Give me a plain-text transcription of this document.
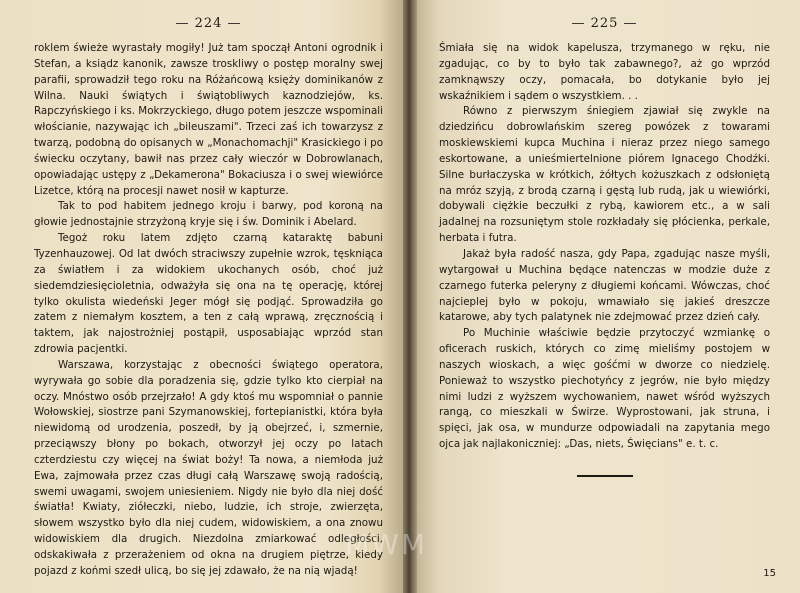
— 224 —

roklem świeże wyrastały mogiły! Już tam spoczął Antoni ogrodnik i Stefan, a ksiądz kanonik, zawsze troskliwy o postęp moralny swej parafii, sprowadził tego roku na Różańcową księży dominikanów z Wilna. Nauki świątych i świątobliwych kaznodziejów, ks. Rapczyńskiego i ks. Mokrzyckiego, długo potem jeszcze wspominali włościanie, nazywając ich „bileuszami". Trzeci zaś ich towarzysz z twarzą, podobną do opisanych w „Monachomachji" Krasickiego i po świecku oczytany, bawił nas przez cały wieczór w Dobrowlanach, opowiadając ustępy z „Dekamerona" Bokaciusza i o swej wiewiórce Lizetce, którą na procesji nawet nosił w kapturze.

Tak to pod habitem jednego kroju i barwy, pod koroną na głowie jednostajnie strzyżoną kryje się i św. Dominik i Abelard.

Tegoż roku latem zdjęto czarną kataraktę babuni Tyzenhauzowej. Od lat dwóch straciwszy zupełnie wzrok, tęskniąca za światłem i za widokiem ukochanych osób, choć już siedemdziesięcioletnia, odważyła się ona na tę operację, której tylko okulista wiedeński Jeger mógł się podjąć. Sprowadziła go zatem z niemałym kosztem, a ten z całą wprawą, zręcznością i taktem, jak najostrożniej postąpił, usposabiając wprzód stan zdrowia pacjentki.

Warszawa, korzystając z obecności świątego operatora, wyrywała go sobie dla poradzenia się, gdzie tylko kto cierpiał na oczy. Mnóstwo osób przejrzało! A gdy ktoś mu wspomniał o pannie Wołowskiej, siostrze pani Szymanowskiej, fortepianistki, która była niewidomą od urodzenia, poszedł, by ją obejrzeć, i, szmernie, przeciąwszy błony po bokach, otworzył jej oczy po latach czterdziestu czy więcej na świat boży! Ta nowa, a niemłoda już Ewa, zajmowała przez czas długi całą Warszawę swoją radością, swemi uwagami, swojem uniesieniem. Nigdy nie było dla niej dość światła! Kwiaty, ziółeczki, niebo, ludzie, ich stroje, zwierzęta, słowem wszystko było dla niej cudem, widowiskiem, a ona znowu widowiskiem dla drugich. Niezdolna zmiarkować odległości, odskakiwała z przerażeniem od okna na drugiem piętrze, kiedy pojazd z końmi szedł ulicą, bo się jej zdawało, że na nią wjadą!

— 225 —

Śmiała się na widok kapelusza, trzymanego w ręku, nie zgadując, co by to było tak zabawnego?, aż go wprzód zamknąwszy oczy, pomacała, bo dotykanie było jej wskaźnikiem i sądem o wszystkiem. . .

Równo z pierwszym śniegiem zjawiał się zwykle na dziedzińcu dobrowlańskim szereg powózek z towarami moskiewskiemi kupca Muchina i nieraz przez niego samego eskortowane, a unieśmiertelnione piórem Ignacego Chodźki. Silne burłaczyska w krótkich, żółtych kożuszkach z odsłoniętą na mróz szyją, z brodą czarną i gęstą lub rudą, jak u wiewiórki, dobywali ciężkie beczułki z rybą, kawiorem etc., a w sali jadalnej na rozsuniętym stole rozkładały się płócienka, perkale, herbata i futra.

Jakaż była radość nasza, gdy Papa, zgadując nasze myśli, wytargował u Muchina będące natenczas w modzie duże z czarnego futerka peleryny z długiemi końcami. Wówczas, choć najcieplej było w pokoju, wmawiało się jakieś dreszcze katarowe, aby tych palatynek nie zdejmować przez dzień cały.

Po Muchinie właściwie będzie przytoczyć wzmiankę o oficerach ruskich, których co zimę mieliśmy postojem w naszych wioskach, a więc gośćmi w dworze co niedzielę. Ponieważ to wszystko piechotyńcy z jegrów, nie było między nimi ludzi z wyższem wychowaniem, nawet wśród wyższych rangą, co mieszkali w Świrze. Wyprostowani, jak struna, i spięci, jak osa, w mundurze odpowiadali na zapytania mego ojca jak najlakoniczniej: „Das, niets, Święcians" e. t. c.

15
MWM
